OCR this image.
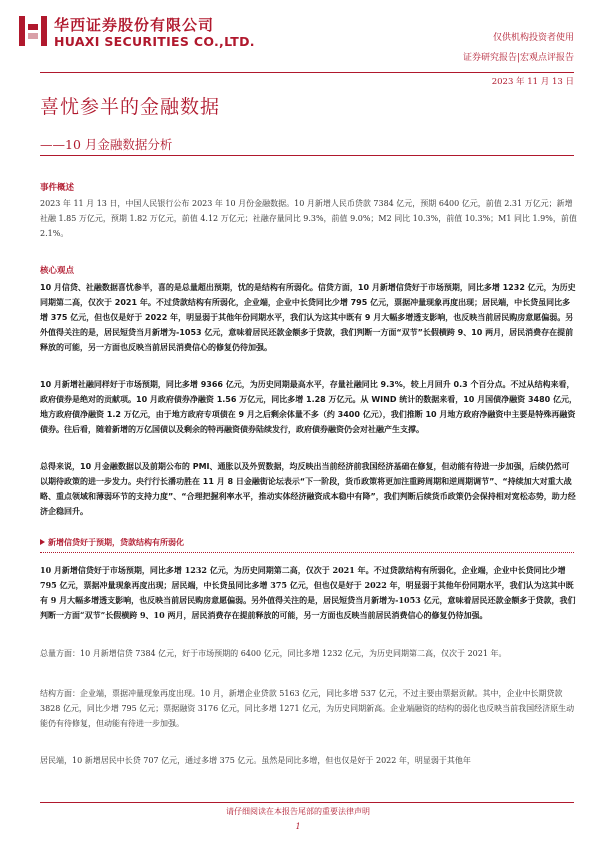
华西证券股份有限公司
HUAXI SECURITIES CO.,LTD.	仅供机构投资者使用
证券研究报告|宏观点评报告
2023 年 11 月 13 日
喜忧参半的金融数据
——10 月金融数据分析
事件概述
2023 年 11 月 13 日，中国人民银行公布 2023 年 10 月份金融数据。10 月新增人民币贷款 7384 亿元，预期 6400 亿元，前值 2.31 万亿元；新增社融 1.85 万亿元，预期 1.82 万亿元，前值 4.12 万亿元；社融存量同比 9.3%，前值 9.0%；M2 同比 10.3%，前值 10.3%；M1 同比 1.9%，前值 2.1%。
核心观点
10 月信贷、社融数据喜忧参半，喜的是总量超出预期，忧的是结构有所弱化。信贷方面，10 月新增信贷好于市场预期，同比多增 1232 亿元，为历史同期第二高，仅次于 2021 年。不过贷款结构有所弱化，企业端，企业中长贷同比少增 795 亿元，票据冲量现象再度出现；居民端，中长贷虽同比多增 375 亿元，但也仅是好于 2022 年，明显弱于其他年份同期水平，我们认为这其中既有 9 月大幅多增透支影响，也反映当前居民购房意愿偏弱。另外值得关注的是，居民短贷当月新增为-1053 亿元，意味着居民还款金额多于贷款，我们判断一方面“双节”长假横跨 9、10 两月，居民消费存在提前释放的可能，另一方面也反映当前居民消费信心的修复仍待加强。
10 月新增社融同样好于市场预期，同比多增 9366 亿元，为历史同期最高水平，存量社融同比 9.3%，较上月回升 0.3 个百分点。不过从结构来看，政府债券是绝对的贡献项。10 月政府债券净融资 1.56 万亿元，同比多增 1.28 万亿元。从 WIND 统计的数据来看，10 月国债净融资 3480 亿元，地方政府债净融资 1.2 万亿元，由于地方政府专项债在 9 月之后剩余体量不多（约 3400 亿元），我们推断 10 月地方政府净融资中主要是特殊再融资债券。往后看，随着新增的万亿国债以及剩余的特再融资债券陆续发行，政府债券融资仍会对社融产生支撑。
总得来说，10 月金融数据以及前期公布的 PMI、通胀以及外贸数据，均反映出当前经济前我国经济基础在修复，但动能有待进一步加强，后续仍然可以期待政策的进一步发力。央行行长潘功胜在 11 月 8 日金融街论坛表示“下一阶段，货币政策将更加注重跨周期和逆周期调节”、“持续加大对重大战略、重点领域和薄弱环节的支持力度”、“合理把握利率水平，推动实体经济融资成本稳中有降”，我们判断后续货币政策仍会保持相对宽松态势，助力经济企稳回升。
新增信贷好于预期，贷款结构有所弱化
10 月新增信贷好于市场预期，同比多增 1232 亿元，为历史同期第二高，仅次于 2021 年。不过贷款结构有所弱化，企业端，企业中长贷同比少增 795 亿元，票据冲量现象再度出现；居民端，中长贷虽同比多增 375 亿元，但也仅是好于 2022 年，明显弱于其他年份同期水平，我们认为这其中既有 9 月大幅多增透支影响，也反映当前居民购房意愿偏弱。另外值得关注的是，居民短贷当月新增为-1053 亿元，意味着居民还款金额多于贷款，我们判断一方面“双节”长假横跨 9、10 两月，居民消费存在提前释放的可能，另一方面也反映当前居民消费信心的修复仍待加强。
总量方面：10 月新增信贷 7384 亿元，好于市场预期的 6400 亿元，同比多增 1232 亿元，为历史同期第二高，仅次于 2021 年。
结构方面：企业端，票据冲量现象再度出现。10 月，新增企业贷款 5163 亿元，同比多增 537 亿元，不过主要由票据贡献。其中，企业中长期贷款 3828 亿元，同比少增 795 亿元；票据融资 3176 亿元，同比多增 1271 亿元，为历史同期新高。企业端融资的结构的弱化也反映当前我国经济原生动能仍有待修复，但动能有待进一步加强。
居民端，10 新增居民中长贷 707 亿元，通过多增 375 亿元。虽然是同比多增，但也仅是好于 2022 年，明显弱于其他年
请仔细阅读在本报告尾部的重要法律声明
1
